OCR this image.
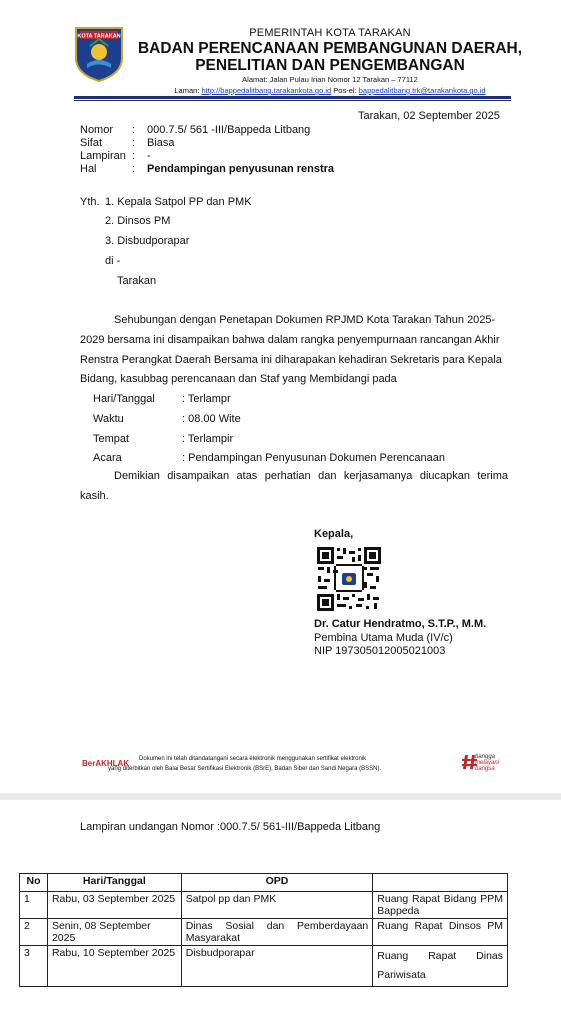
KOTA TARAKAN	PEMERINTAH KOTA TARAKAN
BADAN PERENCANAAN PEMBANGUNAN DAERAH,
PENELITIAN DAN PENGEMBANGAN
Alamat: Jalan Pulau Irian Nomor 12 Tarakan – 77112
Laman: http://bappedalitbang.tarakankota.go.id Pos-el: bappedalitbang.trk@tarakankota.go.id
Tarakan, 02 September 2025
Nomor : 000.7.5/ 561 -III/Bappeda Litbang
Sifat	: Biasa
Lampiran : -
Hal	: Pendampingan penyusunan renstra
Yth. 1. Kepala Satpol PP dan PMK
2. Dinsos PM
3. Disbudporapar
di -
Tarakan
Sehubungan dengan Penetapan Dokumen RPJMD Kota Tarakan Tahun 2025-
2029 bersama ini disampaikan bahwa dalam rangka penyempurnaan rancangan Akhir
Renstra Perangkat Daerah Bersama ini diharapakan kehadiran Sekretaris para Kepala
Bidang, kasubbag perencanaan dan Staf yang Membidangi pada
Hari/Tanggal : Terlampr
Waktu	: 08.00 Wite
Tempat	: Terlampir
Acara	: Pendampingan Penyusunan Dokumen Perencanaan
Demikian disampaikan atas perhatian dan kerjasamanya diucapkan terima
kasih.
Kepala,
Dr. Catur Hendratmo, S.T.P., M.M.
Pembina Utama Muda (IV/c)
NIP 197305012005021003
BerAKHLAK	Dokumen ini telah ditandatangani secara elektronik menggunakan sertifikat elektronik
yang diterbitkan oleh Balai Besar Sertifikasi Elektronik (BSrE), Badan Siber dan Sandi Negara (BSSN).
bangga
melayani
bangsa
Lampiran undangan Nomor :000.7.5/ 561-III/Bappeda Litbang
No	Hari/Tanggal	OPD	
1	Rabu, 03 September 2025	Satpol pp dan PMK	Ruang Rapat Bidang PPM Bappeda
2	Senin, 08 September 2025	Dinas Sosial dan Pemberdayaan Masyarakat	Ruang Rapat Dinsos PM
3	Rabu, 10 September 2025	Disbudporapar	Ruang Rapat Dinas Pariwisata
